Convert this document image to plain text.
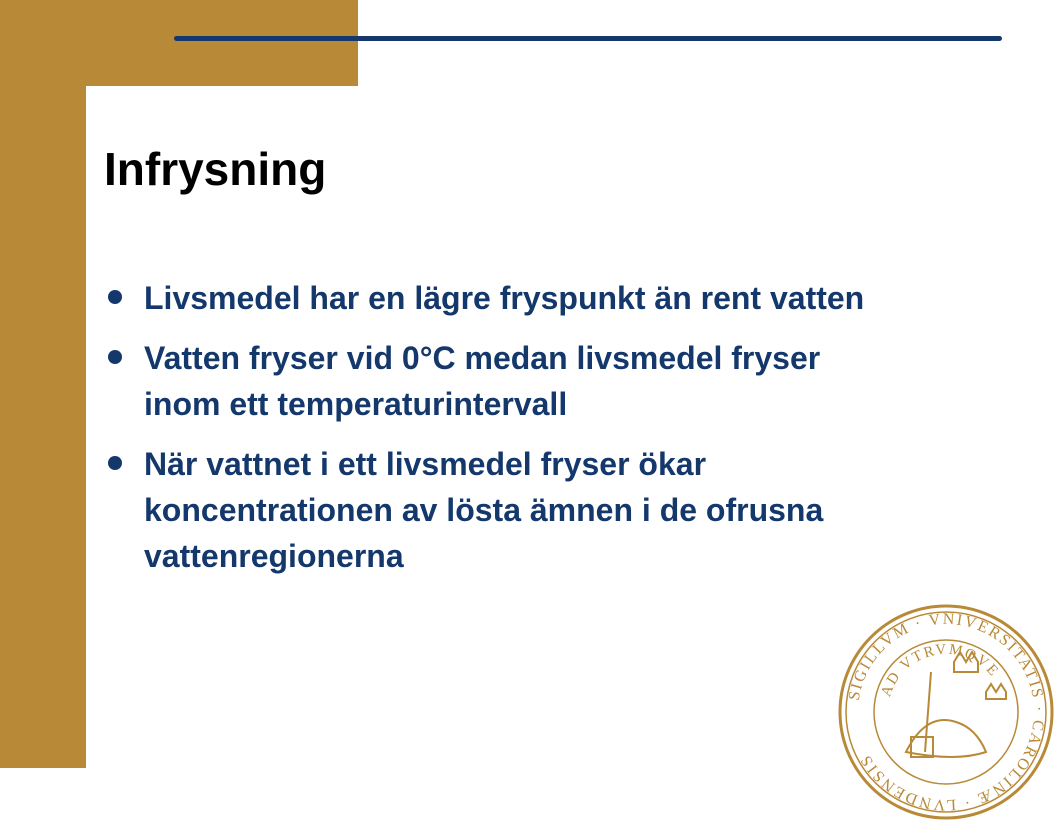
Infrysning
Livsmedel har en lägre fryspunkt än rent vatten
Vatten fryser vid 0°C medan livsmedel fryser inom ett temperaturintervall
När vattnet i ett livsmedel fryser ökar koncentrationen av lösta ämnen i de ofrusna vattenregionerna
SIGILLVM · VNIVERSITATIS · CAROLINÆ · LVNDENSIS
AD VTRVMQVE
